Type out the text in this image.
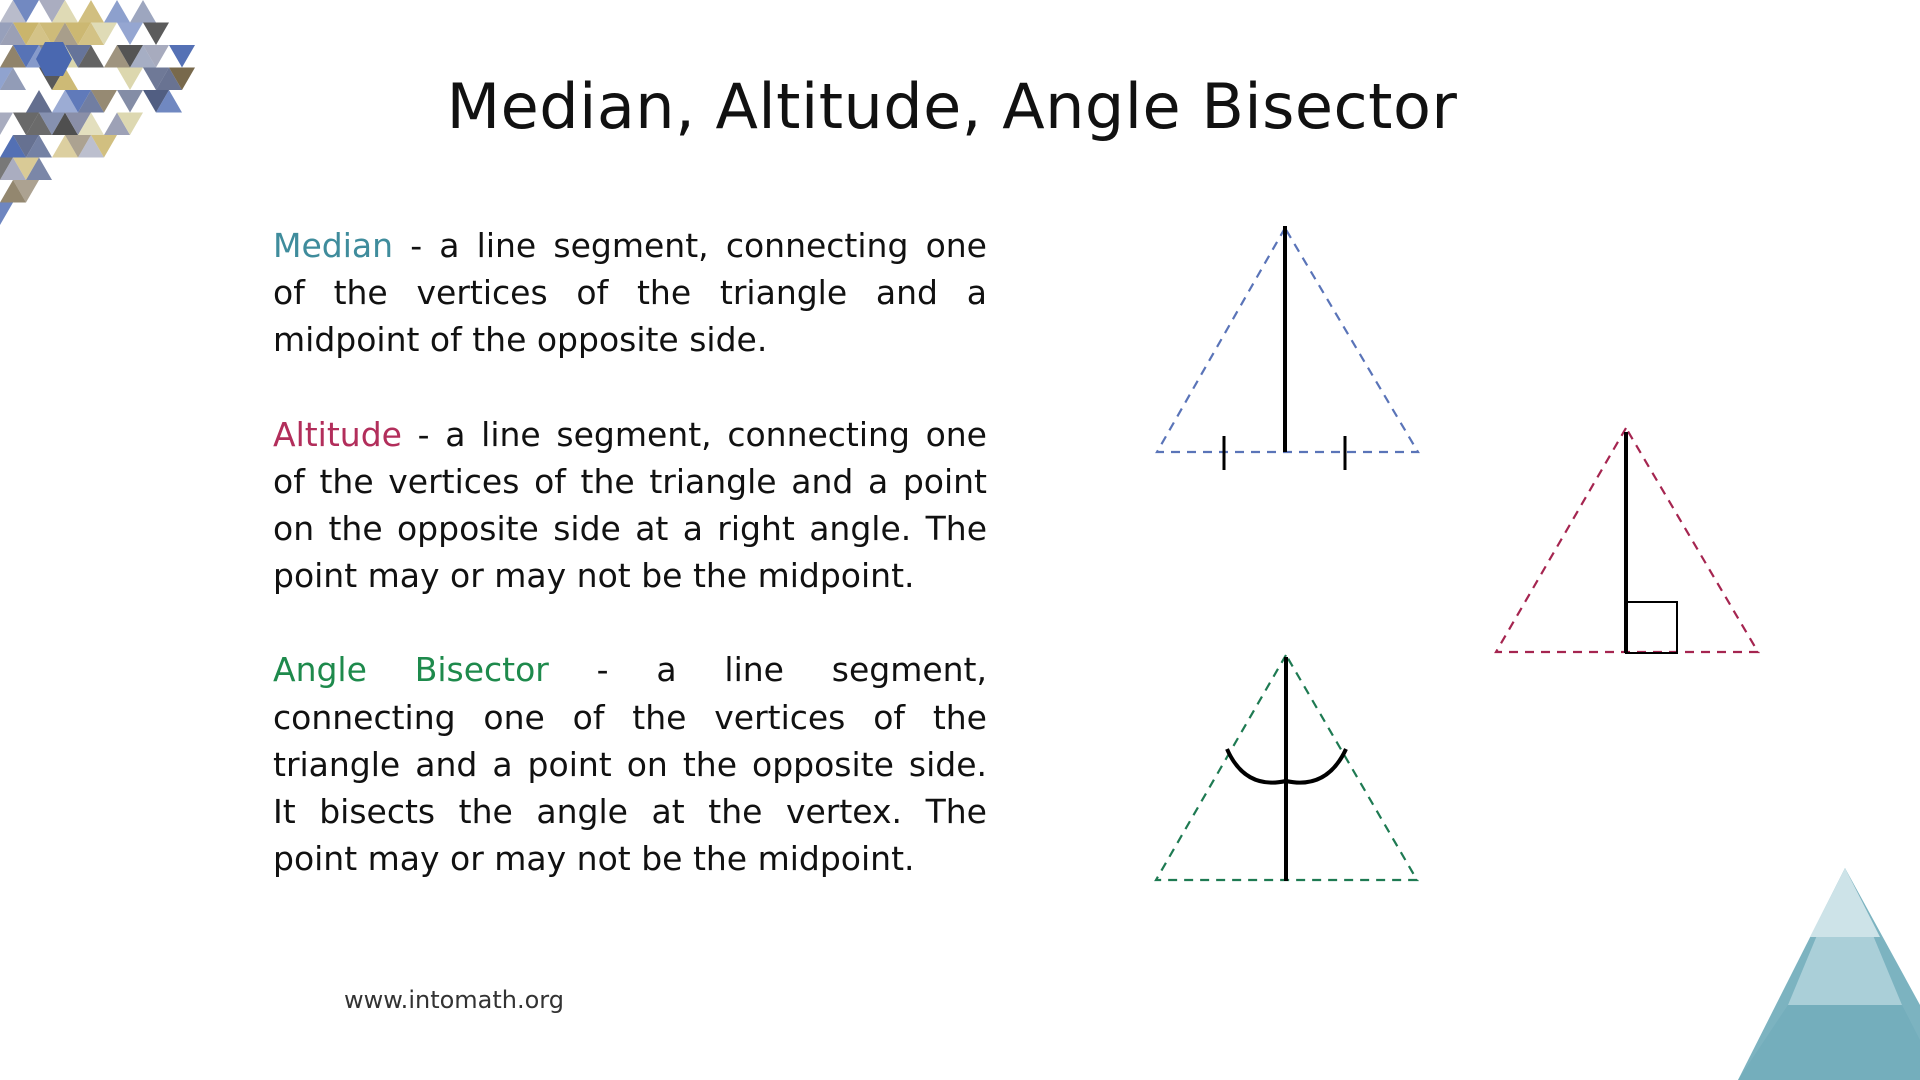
Median, Altitude, Angle Bisector

Median - a line segment, connecting one of the vertices of the triangle and a midpoint of the opposite side.

Altitude - a line segment, connecting one of the vertices of the triangle and a point on the opposite side at a right angle. The point may or may not be the midpoint.

Angle Bisector - a line segment, connecting one of the vertices of the triangle and a point on the opposite side. It bisects the angle at the vertex. The point may or may not be the midpoint.

www.intomath.org
